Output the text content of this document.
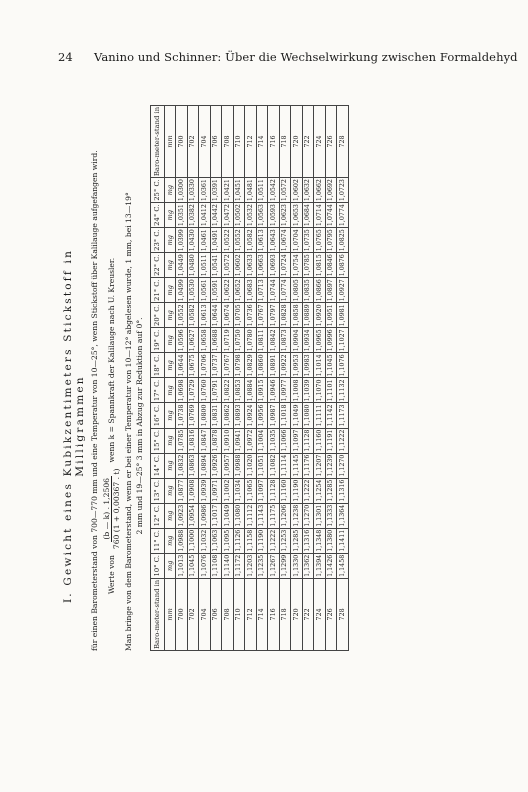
24 Vanino und Schinner: Über die Wechselwirkung zwischen Formaldehyd
I. Gewicht eines Kubikzentimeters Stickstoff in Milligrammen für einen Barometerstand von 700—770 mm und eine Temperatur von 10—25°, wenn Stickstoff über Kalilauge aufgefangen wird. Werte von
(b — k) . 1,2506 760 (1 + 0,00367 . t)
wenn k = Spannkraft der Kalilauge nach U. Kreusler. Man bringe von dem Barometerstand, wenn er bei einer Temperatur von 10—12° abgelesen wurde, 1 mm, bei 13—19° 2 mm und 19—25° 3 mm in Abzug zur Reduktion auf 0°.
Baro-meter-stand in	10° C.	11° C.	12° C.	13° C.	14° C.	15° C.	16° C.	17° C.	18° C.	19° C.	20° C.	21° C.	22° C.	23° C.	24° C.	25° C.	Baro-meter-stand in
mm	mg	mg	mg	mg	mg	mg	mg	mg	mg	mg	mg	mg	mg	mg	mg	mg	mm
700	1,1013	1,0988	1,0923	1,0877	1,0832	1,0785	1,0738	1,0698	1,0644	1,0596	1,0552	1,0499	1,0449	1,0399	1,0351	1,0300	700
702	1,1045	1,1000	1,0954	1,0908	1,0863	1,0816	1,0769	1,0729	1,0675	1,0627	1,0582	1,0530	1,0480	1,0430	1,0382	1,0330	702
704	1,1076	1,1032	1,0986	1,0939	1,0894	1,0847	1,0800	1,0760	1,0706	1,0658	1,0613	1,0561	1,0511	1,0461	1,0412	1,0361	704
706	1,1108	1,1063	1,1017	1,0971	1,0926	1,0878	1,0831	1,0791	1,0737	1,0688	1,0644	1,0591	1,0541	1,0491	1,0442	1,0391	706
708	1,1140	1,1095	1,1049	1,1002	1,0957	1,0910	1,0862	1,0822	1,0767	1,0719	1,0674	1,0622	1,0572	1,0522	1,0472	1,0421	708
710	1,1172	1,1126	1,1080	1,1034	1,0988	1,0941	1,0893	1,0853	1,0798	1,0750	1,0705	1,0652	1,0602	1,0552	1,0502	1,0451	710
712	1,1203	1,1158	1,1112	1,1065	1,1020	1,0972	1,0924	1,0884	1,0829	1,0780	1,0736	1,0683	1,0633	1,0582	1,0532	1,0481	712
714	1,1235	1,1190	1,1143	1,1097	1,1051	1,1004	1,0956	1,0915	1,0860	1,0811	1,0767	1,0713	1,0663	1,0613	1,0563	1,0511	714
716	1,1267	1,1222	1,1175	1,1128	1,1082	1,1035	1,0987	1,0946	1,0891	1,0842	1,0797	1,0744	1,0693	1,0643	1,0593	1,0542	716
718	1,1299	1,1253	1,1206	1,1160	1,1114	1,1066	1,1018	1,0977	1,0922	1,0873	1,0828	1,0774	1,0724	1,0674	1,0623	1,0572	718
720	1,1330	1,1285	1,1238	1,1190	1,1145	1,1097	1,1049	1,1008	1,0953	1,0904	1,0858	1,0805	1,0754	1,0704	1,0653	1,0602	720
722	1,1362	1,1316	1,1270	1,1222	1,1176	1,1128	1,1080	1,1039	1,0983	1,0934	1,0889	1,0835	1,0785	1,0735	1,0684	1,0632	722
724	1,1394	1,1348	1,1301	1,1254	1,1207	1,1160	1,1111	1,1070	1,1014	1,0965	1,0920	1,0866	1,0815	1,0765	1,0714	1,0662	724
726	1,1426	1,1380	1,1333	1,1285	1,1239	1,1191	1,1142	1,1101	1,1045	1,0996	1,0951	1,0897	1,0846	1,0795	1,0744	1,0692	726
728	1,1458	1,1411	1,1364	1,1316	1,1270	1,1222	1,1173	1,1132	1,1076	1,1027	1,0981	1,0927	1,0876	1,0825	1,0774	1,0723	728
